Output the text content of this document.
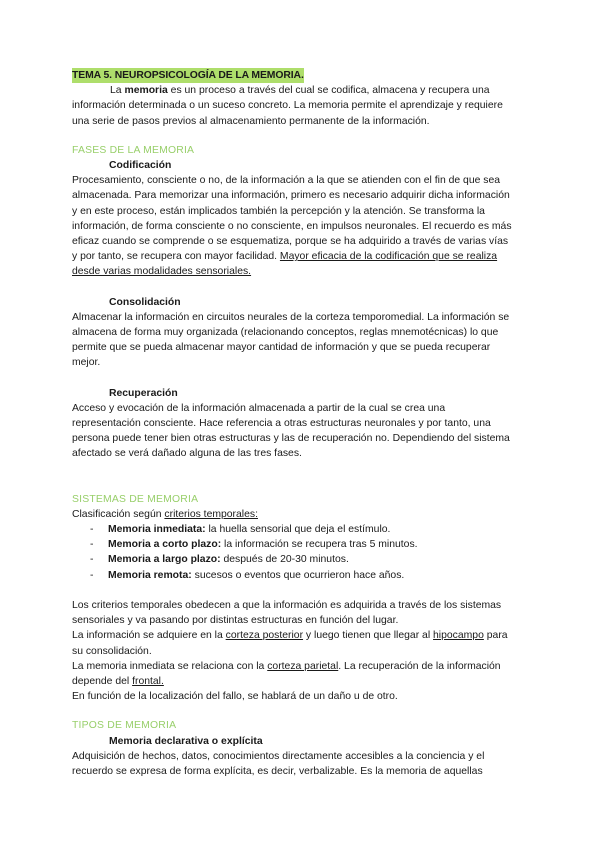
TEMA 5. NEUROPSICOLOGÍA DE LA MEMORIA.

La memoria es un proceso a través del cual se codifica, almacena y recupera una información determinada o un suceso concreto. La memoria permite el aprendizaje y requiere una serie de pasos previos al almacenamiento permanente de la información.

FASES DE LA MEMORIA

Codificación

Procesamiento, consciente o no, de la información a la que se atienden con el fin de que sea almacenada. Para memorizar una información, primero es necesario adquirir dicha información y en este proceso, están implicados también la percepción y la atención. Se transforma la información, de forma consciente o no consciente, en impulsos neuronales. El recuerdo es más eficaz cuando se comprende o se esquematiza, porque se ha adquirido a través de varias vías y por tanto, se recupera con mayor facilidad. Mayor eficacia de la codificación que se realiza desde varias modalidades sensoriales.

Consolidación

Almacenar la información en circuitos neurales de la corteza temporomedial. La información se almacena de forma muy organizada (relacionando conceptos, reglas mnemotécnicas) lo que permite que se pueda almacenar mayor cantidad de información y que se pueda recuperar mejor.

Recuperación

Acceso y evocación de la información almacenada a partir de la cual se crea una representación consciente. Hace referencia a otras estructuras neuronales y por tanto, una persona puede tener bien otras estructuras y las de recuperación no. Dependiendo del sistema afectado se verá dañado alguna de las tres fases.

SISTEMAS DE MEMORIA

Clasificación según criterios temporales:

- Memoria inmediata: la huella sensorial que deja el estímulo.
- Memoria a corto plazo: la información se recupera tras 5 minutos.
- Memoria a largo plazo: después de 20-30 minutos.
- Memoria remota: sucesos o eventos que ocurrieron hace años.

Los criterios temporales obedecen a que la información es adquirida a través de los sistemas sensoriales y va pasando por distintas estructuras en función del lugar.

La información se adquiere en la corteza posterior y luego tienen que llegar al hipocampo para su consolidación.

La memoria inmediata se relaciona con la corteza parietal. La recuperación de la información depende del frontal.

En función de la localización del fallo, se hablará de un daño u de otro.

TIPOS DE MEMORIA

Memoria declarativa o explícita

Adquisición de hechos, datos, conocimientos directamente accesibles a la conciencia y el recuerdo se expresa de forma explícita, es decir, verbalizable. Es la memoria de aquellas
